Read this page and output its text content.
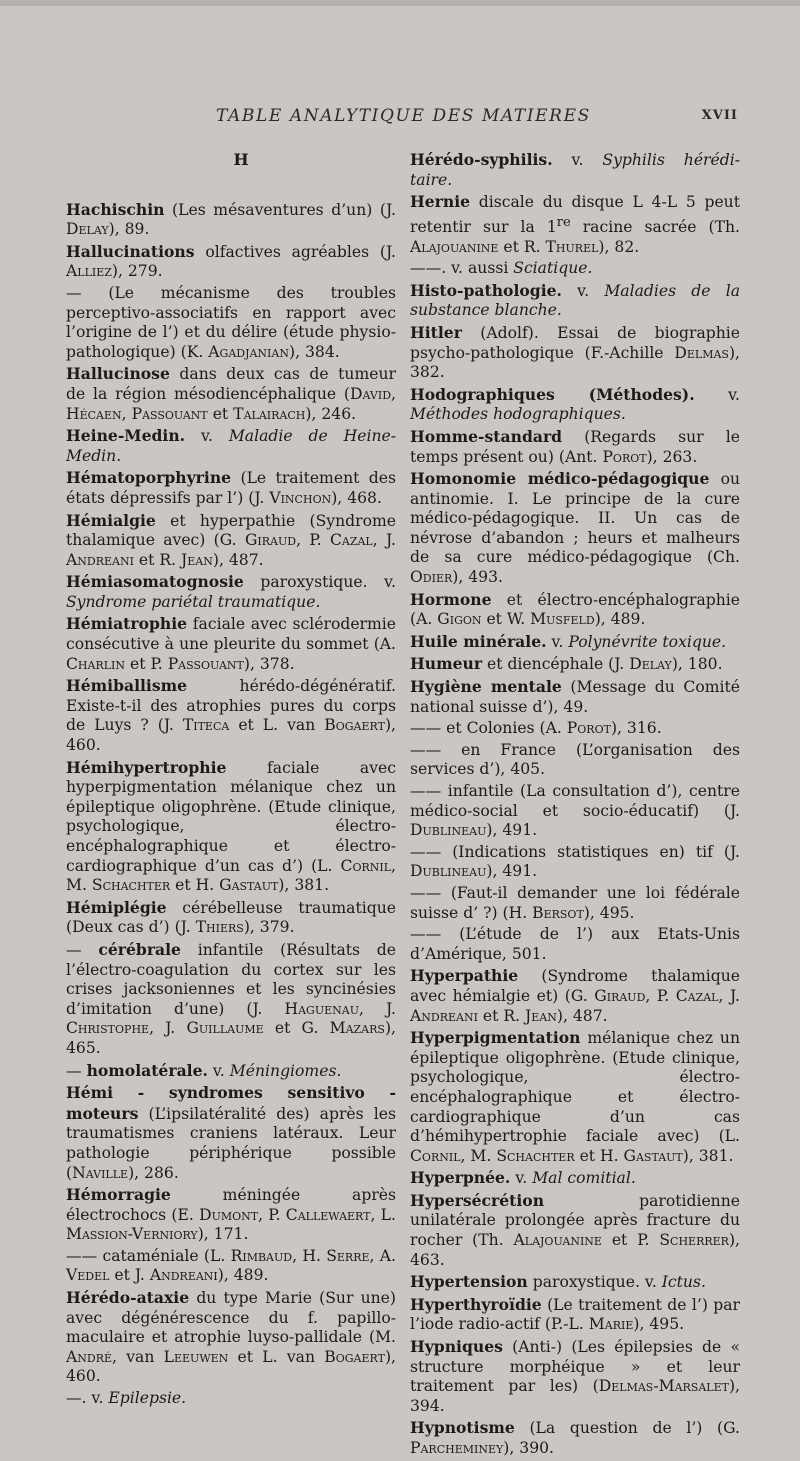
TABLE ANALYTIQUE DES MATIERES	XVII
H

Hachischin (Les mésaventures d’un) (J. Delay), 89.

Hallucinations olfactives agréables (J. Alliez), 279.

— (Le mécanisme des troubles perceptivo-associatifs en rapport avec l’origine de l’) et du délire (étude physio-pathologique) (K. Agadjanian), 384.

Hallucinose dans deux cas de tumeur de la région mésodiencéphalique (David, Hécaen, Passouant et Talairach), 246.

Heine-Medin. v. Maladie de Heine-Medin.

Hématoporphyrine (Le traitement des états dépressifs par l’) (J. Vinchon), 468.

Hémialgie et hyperpathie (Syndrome thalamique avec) (G. Giraud, P. Cazal, J. Andreani et R. Jean), 487.

Hémiasomatognosie paroxystique. v. Syndrome pariétal traumatique.

Hémiatrophie faciale avec sclérodermie consécutive à une pleurite du sommet (A. Charlin et P. Passouant), 378.

Hémiballisme hérédo-dégénératif. Existe-t-il des atrophies pures du corps de Luys ? (J. Titeca et L. van Bogaert), 460.

Hémihypertrophie faciale avec hyperpigmentation mélanique chez un épileptique oligophrène. (Etude clinique, psychologique, électro-encéphalographique et électro-cardiographique d’un cas d’) (L. Cornil, M. Schachter et H. Gastaut), 381.

Hémiplégie cérébelleuse traumatique (Deux cas d’) (J. Thiers), 379.

— cérébrale infantile (Résultats de l’électro-coagulation du cortex sur les crises jacksoniennes et les syncinésies d’imitation d’une) (J. Haguenau, J. Christophe, J. Guillaume et G. Mazars), 465.

— homolatérale. v. Méningiomes.

Hémi - syndromes sensitivo - moteurs (L’ipsilatéralité des) après les traumatismes craniens latéraux. Leur pathologie périphérique possible (Naville), 286.

Hémorragie méningée après électrochocs (E. Dumont, P. Callewaert, L. Massion-Verniory), 171.

—— cataméniale (L. Rimbaud, H. Serre, A. Vedel et J. Andreani), 489.

Hérédo-ataxie du type Marie (Sur une) avec dégénérescence du f. papillo-maculaire et atrophie luyso-pallidale (M. André, van Leeuwen et L. van Bogaert), 460.

—. v. Epilepsie.

Hérédo-syphilis. v. Syphilis hérédi-taire.

Hernie discale du disque L 4-L 5 peut retentir sur la 1re racine sacrée (Th. Alajouanine et R. Thurel), 82.

——. v. aussi Sciatique.

Histo-pathologie. v. Maladies de la substance blanche.

Hitler (Adolf). Essai de biographie psycho-pathologique (F.-Achille Delmas), 382.

Hodographiques (Méthodes). v. Méthodes hodographiques.

Homme-standard (Regards sur le temps présent ou) (Ant. Porot), 263.

Homonomie médico-pédagogique ou antinomie. I. Le principe de la cure médico-pédagogique. II. Un cas de névrose d’abandon ; heurs et malheurs de sa cure médico-pédagogique (Ch. Odier), 493.

Hormone et électro-encéphalographie (A. Gigon et W. Musfeld), 489.

Huile minérale. v. Polynévrite toxique.

Humeur et diencéphale (J. Delay), 180.

Hygiène mentale (Message du Comité national suisse d’), 49.

—— et Colonies (A. Porot), 316.

—— en France (L’organisation des services d’), 405.

—— infantile (La consultation d’), centre médico-social et socio-éducatif) (J. Dublineau), 491.

—— (Indications statistiques en) tif (J. Dublineau), 491.

—— (Faut-il demander une loi fédérale suisse d’ ?) (H. Bersot), 495.

—— (L’étude de l’) aux Etats-Unis d’Amérique, 501.

Hyperpathie (Syndrome thalamique avec hémialgie et) (G. Giraud, P. Cazal, J. Andreani et R. Jean), 487.

Hyperpigmentation mélanique chez un épileptique oligophrène. (Etude clinique, psychologique, électro-encéphalographique et électro-cardiographique d’un cas d’hémihypertrophie faciale avec) (L. Cornil, M. Schachter et H. Gastaut), 381.

Hyperpnée. v. Mal comitial.

Hypersécrétion parotidienne unilatérale prolongée après fracture du rocher (Th. Alajouanine et P. Scherrer), 463.

Hypertension paroxystique. v. Ictus.

Hyperthyroïdie (Le traitement de l’) par l’iode radio-actif (P.-L. Marie), 495.

Hypniques (Anti-) (Les épilepsies de « structure morphéique » et leur traitement par les) (Delmas-Marsalet), 394.

Hypnotisme (La question de l’) (G. Parcheminey), 390.
